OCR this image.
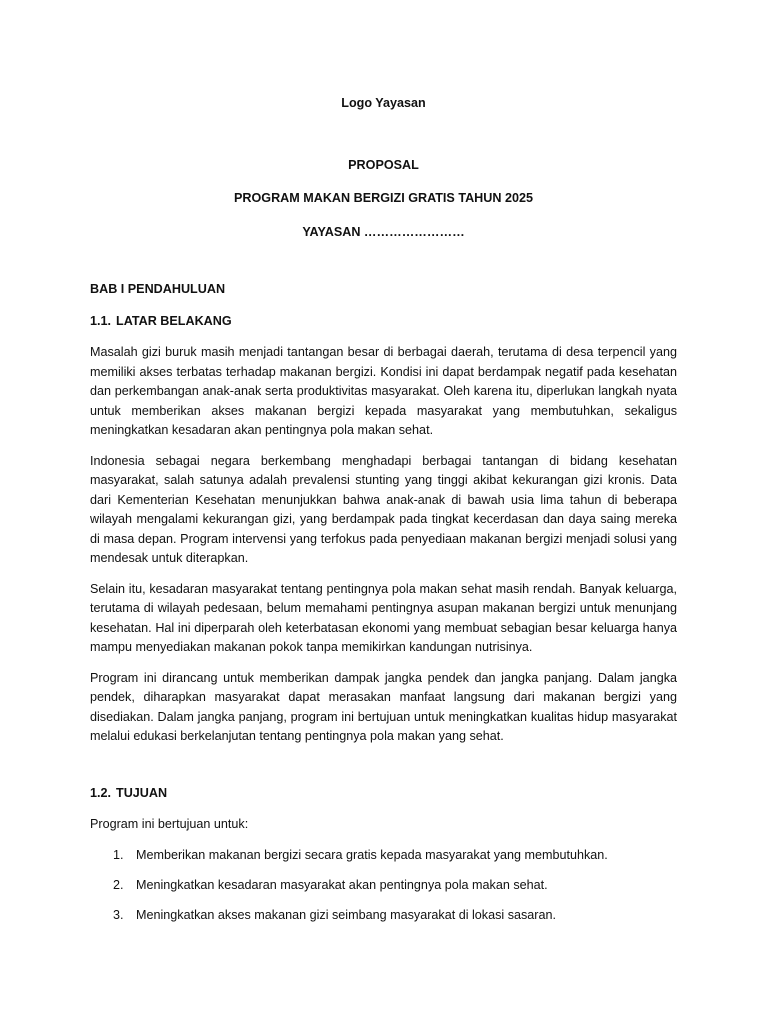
Logo Yayasan

PROPOSAL

PROGRAM MAKAN BERGIZI GRATIS TAHUN 2025

YAYASAN ……………………

BAB I PENDAHULUAN

1.1. LATAR BELAKANG

Masalah gizi buruk masih menjadi tantangan besar di berbagai daerah, terutama di desa terpencil yang memiliki akses terbatas terhadap makanan bergizi. Kondisi ini dapat berdampak negatif pada kesehatan dan perkembangan anak-anak serta produktivitas masyarakat. Oleh karena itu, diperlukan langkah nyata untuk memberikan akses makanan bergizi kepada masyarakat yang membutuhkan, sekaligus meningkatkan kesadaran akan pentingnya pola makan sehat.

Indonesia sebagai negara berkembang menghadapi berbagai tantangan di bidang kesehatan masyarakat, salah satunya adalah prevalensi stunting yang tinggi akibat kekurangan gizi kronis. Data dari Kementerian Kesehatan menunjukkan bahwa anak-anak di bawah usia lima tahun di beberapa wilayah mengalami kekurangan gizi, yang berdampak pada tingkat kecerdasan dan daya saing mereka di masa depan. Program intervensi yang terfokus pada penyediaan makanan bergizi menjadi solusi yang mendesak untuk diterapkan.

Selain itu, kesadaran masyarakat tentang pentingnya pola makan sehat masih rendah. Banyak keluarga, terutama di wilayah pedesaan, belum memahami pentingnya asupan makanan bergizi untuk menunjang kesehatan. Hal ini diperparah oleh keterbatasan ekonomi yang membuat sebagian besar keluarga hanya mampu menyediakan makanan pokok tanpa memikirkan kandungan nutrisinya.

Program ini dirancang untuk memberikan dampak jangka pendek dan jangka panjang. Dalam jangka pendek, diharapkan masyarakat dapat merasakan manfaat langsung dari makanan bergizi yang disediakan. Dalam jangka panjang, program ini bertujuan untuk meningkatkan kualitas hidup masyarakat melalui edukasi berkelanjutan tentang pentingnya pola makan yang sehat.

1.2. TUJUAN

Program ini bertujuan untuk:

1. Memberikan makanan bergizi secara gratis kepada masyarakat yang membutuhkan.
2. Meningkatkan kesadaran masyarakat akan pentingnya pola makan sehat.
3. Meningkatkan akses makanan gizi seimbang masyarakat di lokasi sasaran.
